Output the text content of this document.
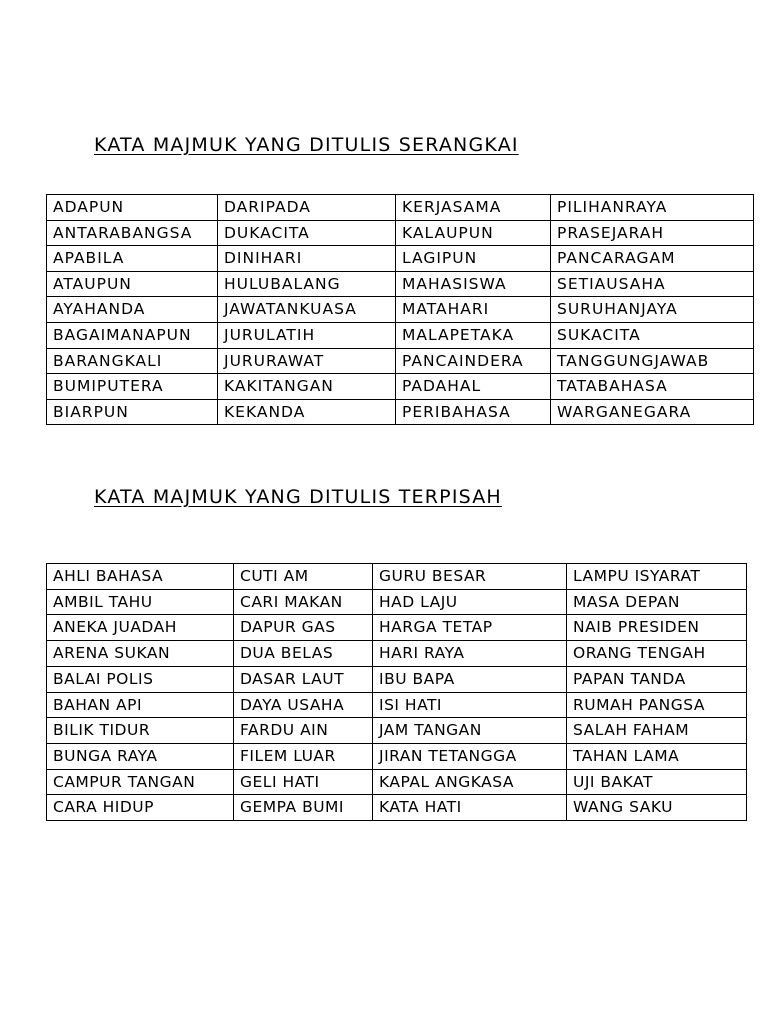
KATA MAJMUK YANG DITULIS SERANGKAI
ADAPUN	DARIPADA	KERJASAMA	PILIHANRAYA
ANTARABANGSA	DUKACITA	KALAUPUN	PRASEJARAH
APABILA	DINIHARI	LAGIPUN	PANCARAGAM
ATAUPUN	HULUBALANG	MAHASISWA	SETIAUSAHA
AYAHANDA	JAWATANKUASA	MATAHARI	SURUHANJAYA
BAGAIMANAPUN	JURULATIH	MALAPETAKA	SUKACITA
BARANGKALI	JURURAWAT	PANCAINDERA	TANGGUNGJAWAB
BUMIPUTERA	KAKITANGAN	PADAHAL	TATABAHASA
BIARPUN	KEKANDA	PERIBAHASA	WARGANEGARA
KATA MAJMUK YANG DITULIS TERPISAH
AHLI BAHASA	CUTI AM	GURU BESAR	LAMPU ISYARAT
AMBIL TAHU	CARI MAKAN	HAD LAJU	MASA DEPAN
ANEKA JUADAH	DAPUR GAS	HARGA TETAP	NAIB PRESIDEN
ARENA SUKAN	DUA BELAS	HARI RAYA	ORANG TENGAH
BALAI POLIS	DASAR LAUT	IBU BAPA	PAPAN TANDA
BAHAN API	DAYA USAHA	ISI HATI	RUMAH PANGSA
BILIK TIDUR	FARDU AIN	JAM TANGAN	SALAH FAHAM
BUNGA RAYA	FILEM LUAR	JIRAN TETANGGA	TAHAN LAMA
CAMPUR TANGAN	GELI HATI	KAPAL ANGKASA	UJI BAKAT
CARA HIDUP	GEMPA BUMI	KATA HATI	WANG SAKU
